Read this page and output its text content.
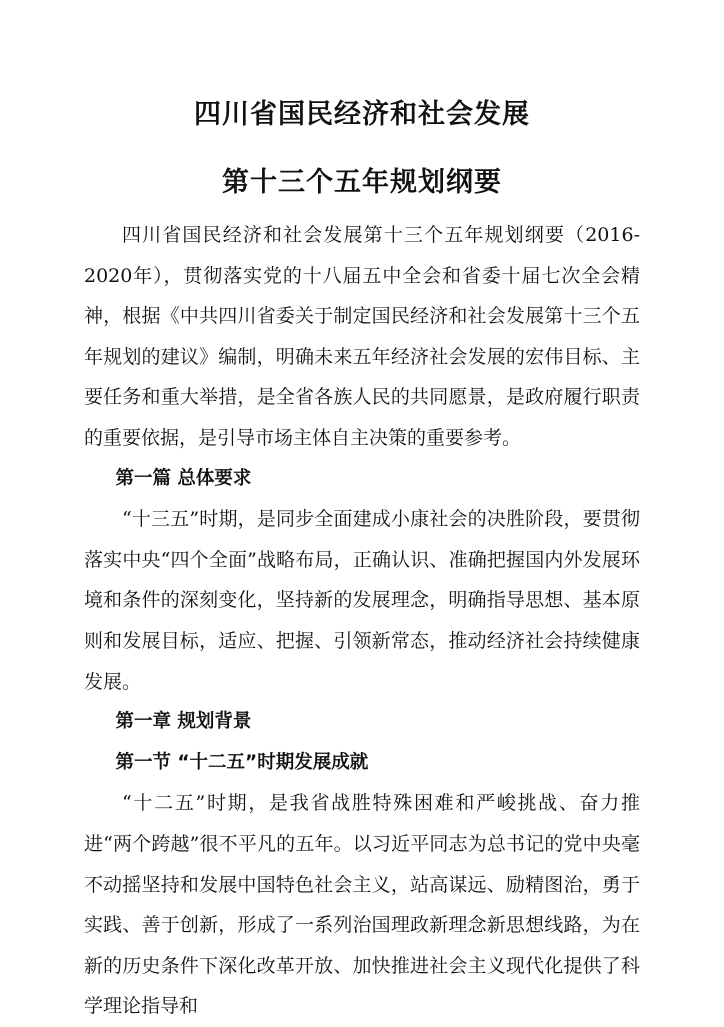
四川省国民经济和社会发展
第十三个五年规划纲要

四川省国民经济和社会发展第十三个五年规划纲要（2016-2020年），贯彻落实党的十八届五中全会和省委十届七次全会精神，根据《中共四川省委关于制定国民经济和社会发展第十三个五年规划的建议》编制，明确未来五年经济社会发展的宏伟目标、主要任务和重大举措，是全省各族人民的共同愿景，是政府履行职责的重要依据，是引导市场主体自主决策的重要参考。

第一篇 总体要求

“十三五”时期，是同步全面建成小康社会的决胜阶段，要贯彻落实中央“四个全面”战略布局，正确认识、准确把握国内外发展环境和条件的深刻变化，坚持新的发展理念，明确指导思想、基本原则和发展目标，适应、把握、引领新常态，推动经济社会持续健康发展。

第一章 规划背景

第一节 “十二五”时期发展成就

“十二五”时期，是我省战胜特殊困难和严峻挑战、奋力推进“两个跨越”很不平凡的五年。以习近平同志为总书记的党中央毫不动摇坚持和发展中国特色社会主义，站高谋远、励精图治，勇于实践、善于创新，形成了一系列治国理政新理念新思想线路，为在新的历史条件下深化改革开放、加快推进社会主义现代化提供了科学理论指导和
